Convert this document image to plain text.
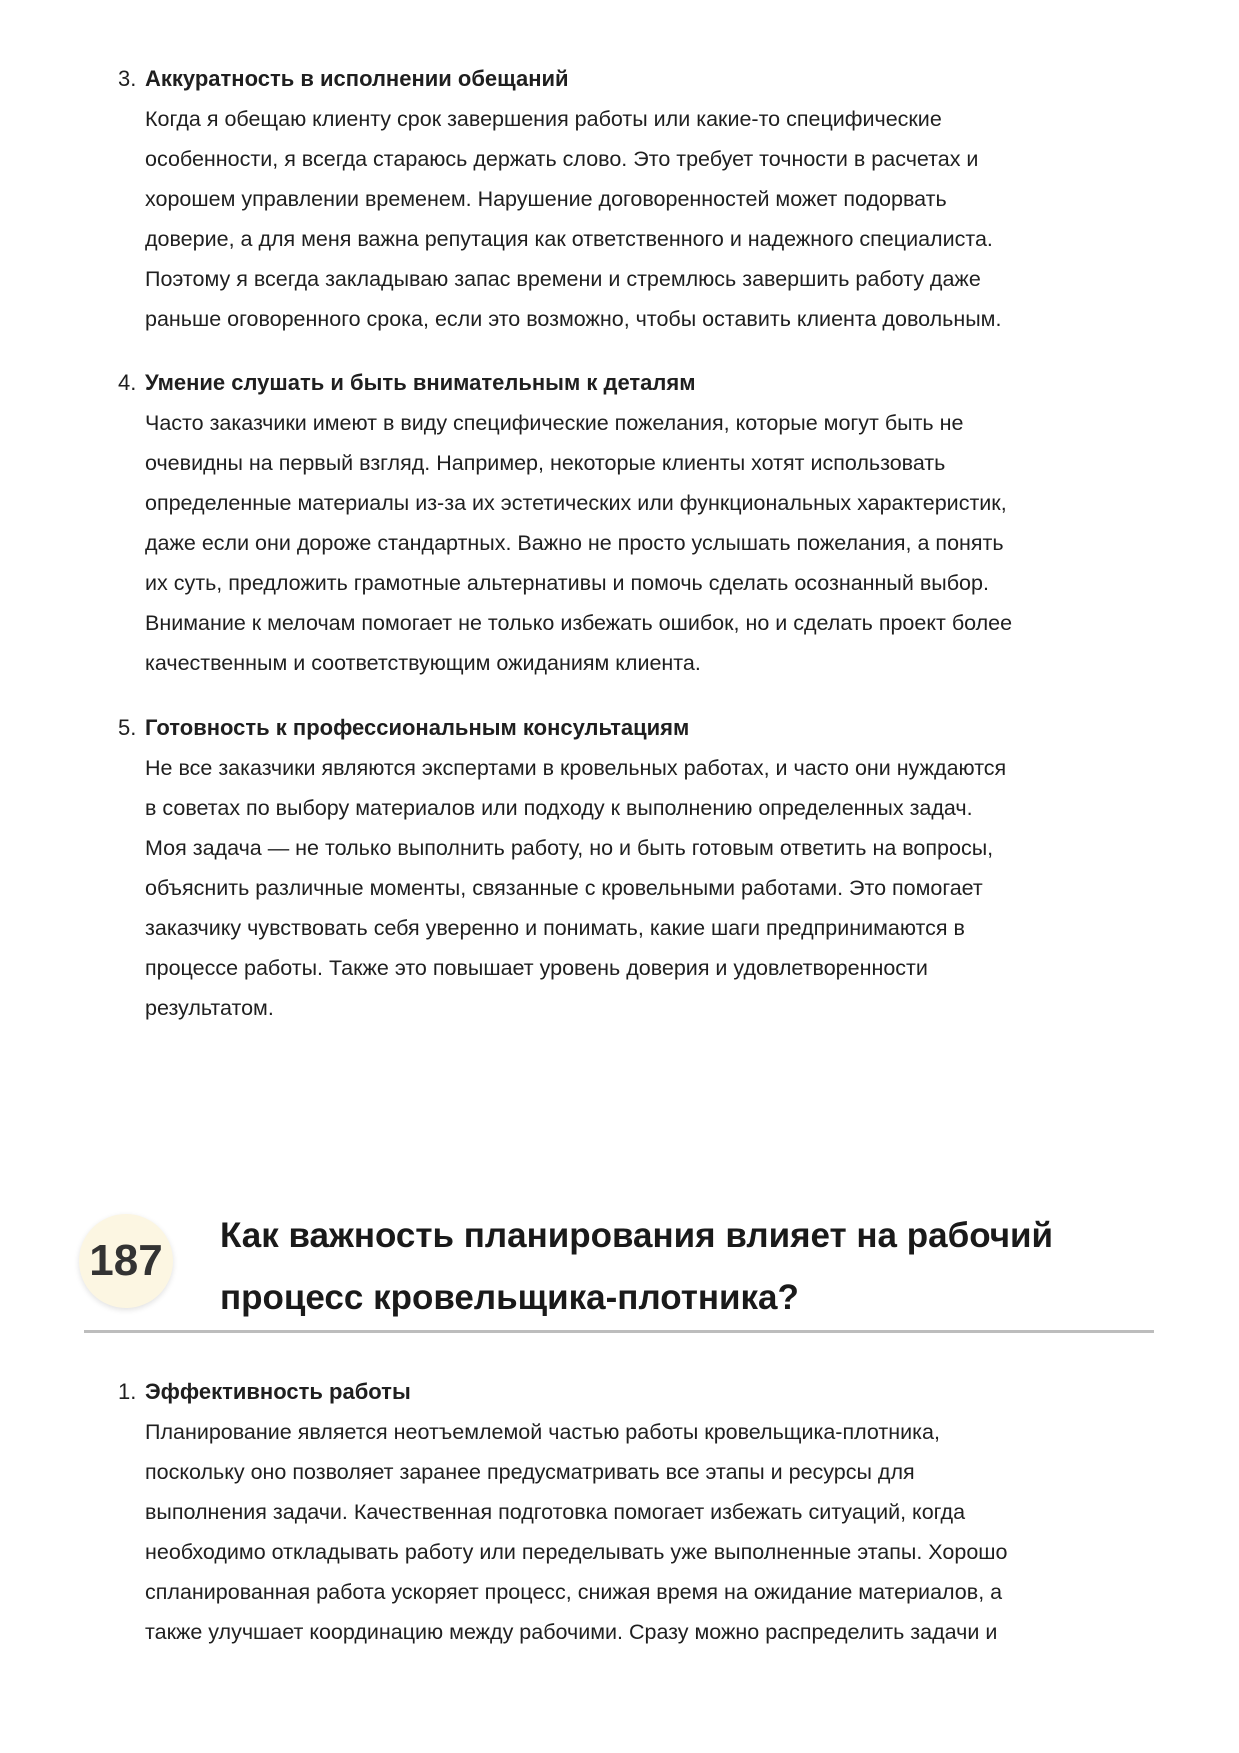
3. Аккуратность в исполнении обещаний
Когда я обещаю клиенту срок завершения работы или какие-то специфические
особенности, я всегда стараюсь держать слово. Это требует точности в расчетах и
хорошем управлении временем. Нарушение договоренностей может подорвать
доверие, а для меня важна репутация как ответственного и надежного специалиста.
Поэтому я всегда закладываю запас времени и стремлюсь завершить работу даже
раньше оговоренного срока, если это возможно, чтобы оставить клиента довольным.
4. Умение слушать и быть внимательным к деталям
Часто заказчики имеют в виду специфические пожелания, которые могут быть не
очевидны на первый взгляд. Например, некоторые клиенты хотят использовать
определенные материалы из-за их эстетических или функциональных характеристик,
даже если они дороже стандартных. Важно не просто услышать пожелания, а понять
их суть, предложить грамотные альтернативы и помочь сделать осознанный выбор.
Внимание к мелочам помогает не только избежать ошибок, но и сделать проект более
качественным и соответствующим ожиданиям клиента.
5. Готовность к профессиональным консультациям
Не все заказчики являются экспертами в кровельных работах, и часто они нуждаются
в советах по выбору материалов или подходу к выполнению определенных задач.
Моя задача — не только выполнить работу, но и быть готовым ответить на вопросы,
объяснить различные моменты, связанные с кровельными работами. Это помогает
заказчику чувствовать себя уверенно и понимать, какие шаги предпринимаются в
процессе работы. Также это повышает уровень доверия и удовлетворенности
результатом.
187
Как важность планирования влияет на рабочий
процесс кровельщика-плотника?
1. Эффективность работы
Планирование является неотъемлемой частью работы кровельщика-плотника,
поскольку оно позволяет заранее предусматривать все этапы и ресурсы для
выполнения задачи. Качественная подготовка помогает избежать ситуаций, когда
необходимо откладывать работу или переделывать уже выполненные этапы. Хорошо
спланированная работа ускоряет процесс, снижая время на ожидание материалов, а
также улучшает координацию между рабочими. Сразу можно распределить задачи и
